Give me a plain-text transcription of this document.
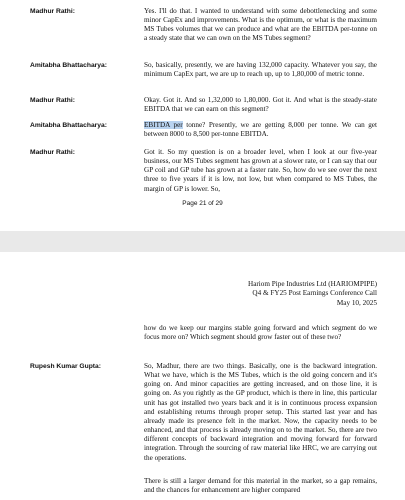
Madhur Rathi:	Yes. I'll do that. I wanted to understand with some debottlenecking and some minor CapEx and improvements. What is the optimum, or what is the maximum MS Tubes volumes that we can produce and what are the EBITDA per-tonne on a steady state that we can own on the MS Tubes segment?
Amitabha Bhattacharya:	So, basically, presently, we are having 132,000 capacity. Whatever you say, the minimum CapEx part, we are up to reach up, up to 1,80,000 of metric tonne.
Madhur Rathi:	Okay. Got it. And so 1,32,000 to 1,80,000. Got it. And what is the steady-state EBITDA that we can earn on this segment?
Amitabha Bhattacharya:	EBITDA per tonne? Presently, we are getting 8,000 per tonne. We can get between 8000 to 8,500 per-tonne EBITDA.
Madhur Rathi:	Got it. So my question is on a broader level, when I look at our five-year business, our MS Tubes segment has grown at a slower rate, or I can say that our GP coil and GP tube has grown at a faster rate. So, how do we see over the next three to five years if it is low, not low, but when compared to MS Tubes, the margin of GP is lower. So,
Page 21 of 29
Hariom Pipe Industries Ltd (HARIOMPIPE)
Q4 & FY25 Post Earnings Conference Call
May 10, 2025
how do we keep our margins stable going forward and which segment do we focus more on? Which segment should grow faster out of these two?
Rupesh Kumar Gupta:	So, Madhur, there are two things. Basically, one is the backward integration. What we have, which is the MS Tubes, which is the old going concern and it's going on. And minor capacities are getting increased, and on those line, it is going on. As you rightly as the GP product, which is there in line, this particular unit has got installed two years back and it is in continuous process expansion and establishing returns through proper setup. This started last year and has already made its presence felt in the market. Now, the capacity needs to be enhanced, and that process is already moving on to the market. So, there are two different concepts of backward integration and moving forward for forward integration. Through the sourcing of raw material like HRC, we are carrying out the operations.
There is still a larger demand for this material in the market, so a gap remains, and the chances for enhancement are higher compared
